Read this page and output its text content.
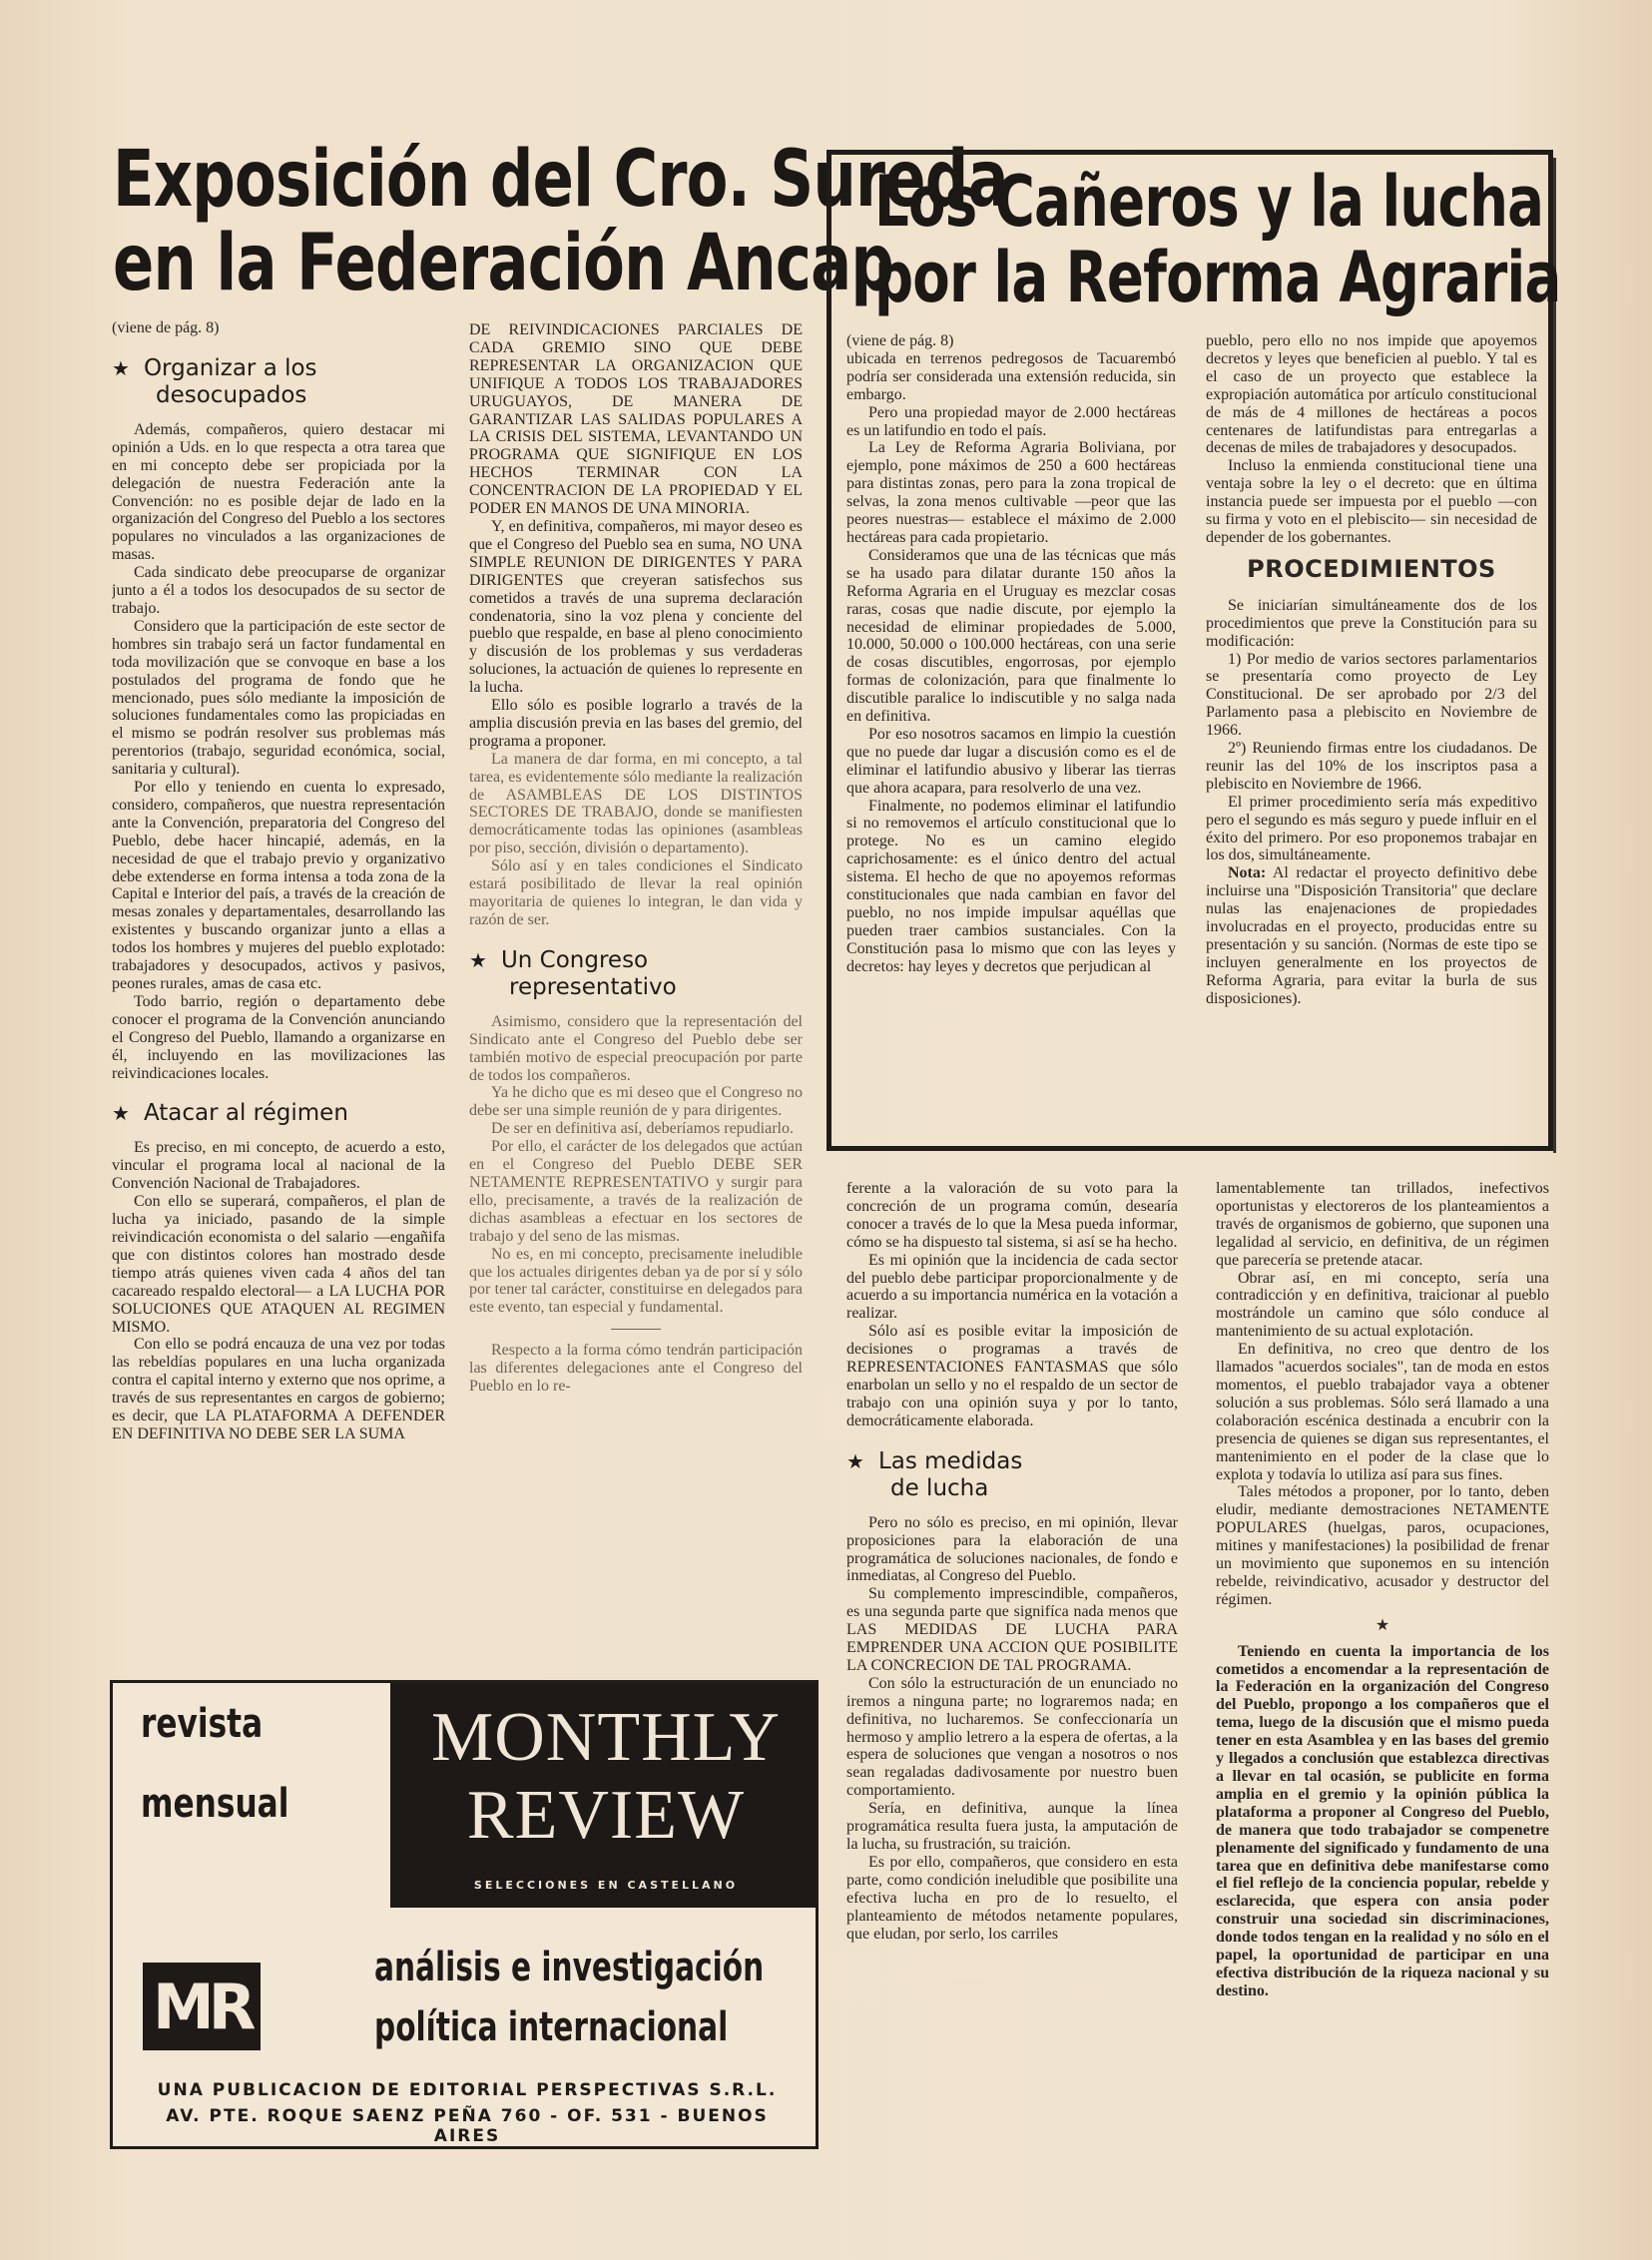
Exposición del Cro. Sureda
en la Federación Ancap
Los Cañeros y la lucha
por la Reforma Agraria

(viene de pág. 8)

★ Organizar a los
desocupados

Además, compañeros, quiero destacar mi opinión a Uds. en lo que respecta a otra tarea que en mi concepto debe ser propiciada por la delegación de nuestra Federación ante la Convención: no es posible dejar de lado en la organización del Congreso del Pueblo a los sectores populares no vinculados a las organizaciones de masas.

Cada sindicato debe preocuparse de organizar junto a él a todos los desocupados de su sector de trabajo.

Considero que la participación de este sector de hombres sin trabajo será un factor fundamental en toda movilización que se convoque en base a los postulados del programa de fondo que he mencionado, pues sólo mediante la imposición de soluciones fundamentales como las propiciadas en el mismo se podrán resolver sus problemas más perentorios (trabajo, seguridad económica, social, sanitaria y cultural).

Por ello y teniendo en cuenta lo expresado, considero, compañeros, que nuestra representación ante la Convención, preparatoria del Congreso del Pueblo, debe hacer hincapié, además, en la necesidad de que el trabajo previo y organizativo debe extenderse en forma intensa a toda zona de la Capital e Interior del país, a través de la creación de mesas zonales y departamentales, desarrollando las existentes y buscando organizar junto a ellas a todos los hombres y mujeres del pueblo explotado: trabajadores y desocupados, activos y pasivos, peones rurales, amas de casa etc.

Todo barrio, región o departamento debe conocer el programa de la Convención anunciando el Congreso del Pueblo, llamando a organizarse en él, incluyendo en las movilizaciones las reivindicaciones locales.

★ Atacar al régimen

Es preciso, en mi concepto, de acuerdo a esto, vincular el programa local al nacional de la Convención Nacional de Trabajadores.

Con ello se superará, compañeros, el plan de lucha ya iniciado, pasando de la simple reivindicación economista o del salario —engañifa que con distintos colores han mostrado desde tiempo atrás quienes viven cada 4 años del tan cacareado respaldo electoral— a LA LUCHA POR SOLUCIONES QUE ATAQUEN AL REGIMEN MISMO.

Con ello se podrá encauza de una vez por todas las rebeldías populares en una lucha organizada contra el capital interno y externo que nos oprime, a través de sus representantes en cargos de gobierno; es decir, que LA PLATAFORMA A DEFENDER EN DEFINITIVA NO DEBE SER LA SUMA

DE REIVINDICACIONES PARCIALES DE CADA GREMIO SINO QUE DEBE REPRESENTAR LA ORGANIZACION QUE UNIFIQUE A TODOS LOS TRABAJADORES URUGUAYOS, DE MANERA DE GARANTIZAR LAS SALIDAS POPULARES A LA CRISIS DEL SISTEMA, LEVANTANDO UN PROGRAMA QUE SIGNIFIQUE EN LOS HECHOS TERMINAR CON LA CONCENTRACION DE LA PROPIEDAD Y EL PODER EN MANOS DE UNA MINORIA.

Y, en definitiva, compañeros, mi mayor deseo es que el Congreso del Pueblo sea en suma, NO UNA SIMPLE REUNION DE DIRIGENTES Y PARA DIRIGENTES que creyeran satisfechos sus cometidos a través de una suprema declaración condenatoria, sino la voz plena y conciente del pueblo que respalde, en base al pleno conocimiento y discusión de los problemas y sus verdaderas soluciones, la actuación de quienes lo represente en la lucha.

Ello sólo es posible lograrlo a través de la amplia discusión previa en las bases del gremio, del programa a proponer.

La manera de dar forma, en mi concepto, a tal tarea, es evidentemente sólo mediante la realización de ASAMBLEAS DE LOS DISTINTOS SECTORES DE TRABAJO, donde se manifiesten democráticamente todas las opiniones (asambleas por piso, sección, división o departamento).

Sólo así y en tales condiciones el Sindicato estará posibilitado de llevar la real opinión mayoritaria de quienes lo integran, le dan vida y razón de ser.

★ Un Congreso
representativo

Asimismo, considero que la representación del Sindicato ante el Congreso del Pueblo debe ser también motivo de especial preocupación por parte de todos los compañeros.

Ya he dicho que es mi deseo que el Congreso no debe ser una simple reunión de y para dirigentes.

De ser en definitiva así, deberíamos repudiarlo.

Por ello, el carácter de los delegados que actúan en el Congreso del Pueblo DEBE SER NETAMENTE REPRESENTATIVO y surgir para ello, precisamente, a través de la realización de dichas asambleas a efectuar en los sectores de trabajo y del seno de las mismas.

No es, en mi concepto, precisamente ineludible que los actuales dirigentes deban ya de por sí y sólo por tener tal carácter, constituirse en delegados para este evento, tan especial y fundamental.

Respecto a la forma cómo tendrán participación las diferentes delegaciones ante el Congreso del Pueblo en lo re-

ferente a la valoración de su voto para la concreción de un programa común, desearía conocer a través de lo que la Mesa pueda informar, cómo se ha dispuesto tal sistema, si así se ha hecho.

Es mi opinión que la incidencia de cada sector del pueblo debe participar proporcionalmente y de acuerdo a su importancia numérica en la votación a realizar.

Sólo así es posible evitar la imposición de decisiones o programas a través de REPRESENTACIONES FANTASMAS que sólo enarbolan un sello y no el respaldo de un sector de trabajo con una opinión suya y por lo tanto, democráticamente elaborada.

★ Las medidas
de lucha

Pero no sólo es preciso, en mi opinión, llevar proposiciones para la elaboración de una programática de soluciones nacionales, de fondo e inmediatas, al Congreso del Pueblo.

Su complemento imprescindible, compañeros, es una segunda parte que signifíca nada menos que LAS MEDIDAS DE LUCHA PARA EMPRENDER UNA ACCION QUE POSIBILITE LA CONCRECION DE TAL PROGRAMA.

Con sólo la estructuración de un enunciado no iremos a ninguna parte; no lograremos nada; en definitiva, no lucharemos. Se confeccionaría un hermoso y amplio letrero a la espera de ofertas, a la espera de soluciones que vengan a nosotros o nos sean regaladas dadivosamente por nuestro buen comportamiento.

Sería, en definitiva, aunque la línea programática resulta fuera justa, la amputación de la lucha, su frustración, su traición.

Es por ello, compañeros, que considero en esta parte, como condición ineludible que posibilite una efectiva lucha en pro de lo resuelto, el planteamiento de métodos netamente populares, que eludan, por serlo, los carriles

lamentablemente tan trillados, inefectivos oportunistas y electoreros de los planteamientos a través de organismos de gobierno, que suponen una legalidad al servicio, en definitiva, de un régimen que parecería se pretende atacar.

Obrar así, en mi concepto, sería una contradicción y en definitiva, traicionar al pueblo mostrándole un camino que sólo conduce al mantenimiento de su actual explotación.

En definitiva, no creo que dentro de los llamados "acuerdos sociales", tan de moda en estos momentos, el pueblo trabajador vaya a obtener solución a sus problemas. Sólo será llamado a una colaboración escénica destinada a encubrir con la presencia de quienes se digan sus representantes, el mantenimiento en el poder de la clase que lo explota y todavía lo utiliza así para sus fines.

Tales métodos a proponer, por lo tanto, deben eludir, mediante demostraciones NETAMENTE POPULARES (huelgas, paros, ocupaciones, mitines y manifestaciones) la posibilidad de frenar un movimiento que suponemos en su intención rebelde, reivindicativo, acusador y destructor del régimen.

★

Teniendo en cuenta la importancia de los cometidos a encomendar a la representación de la Federación en la organización del Congreso del Pueblo, propongo a los compañeros que el tema, luego de la discusión que el mismo pueda tener en esta Asamblea y en las bases del gremio y llegados a conclusión que establezca directivas a llevar en tal ocasión, se publicite en forma amplia en el gremio y la opinión pública la plataforma a proponer al Congreso del Pueblo, de manera que todo trabajador se compenetre plenamente del significado y fundamento de una tarea que en definitiva debe manifestarse como el fiel reflejo de la conciencia popular, rebelde y esclarecida, que espera con ansia poder construir una sociedad sin discriminaciones, donde todos tengan en la realidad y no sólo en el papel, la oportunidad de participar en una efectiva distribución de la riqueza nacional y su destino.

(viene de pág. 8)

ubicada en terrenos pedregosos de Tacuarembó podría ser considerada una extensión reducida, sin embargo.

Pero una propiedad mayor de 2.000 hectáreas es un latifundio en todo el país.

La Ley de Reforma Agraria Boliviana, por ejemplo, pone máximos de 250 a 600 hectáreas para distintas zonas, pero para la zona tropical de selvas, la zona menos cultivable —peor que las peores nuestras— establece el máximo de 2.000 hectáreas para cada propietario.

Consideramos que una de las técnicas que más se ha usado para dilatar durante 150 años la Reforma Agraria en el Uruguay es mezclar cosas raras, cosas que nadie discute, por ejemplo la necesidad de eliminar propiedades de 5.000, 10.000, 50.000 o 100.000 hectáreas, con una serie de cosas discutibles, engorrosas, por ejemplo formas de colonización, para que finalmente lo discutible paralice lo indiscutible y no salga nada en definitiva.

Por eso nosotros sacamos en limpio la cuestión que no puede dar lugar a discusión como es el de eliminar el latifundio abusivo y liberar las tierras que ahora acapara, para resolverlo de una vez.

Finalmente, no podemos eliminar el latifundio si no removemos el artículo constitucional que lo protege. No es un camino elegido caprichosamente: es el único dentro del actual sistema. El hecho de que no apoyemos reformas constitucionales que nada cambian en favor del pueblo, no nos impide impulsar aquéllas que pueden traer cambios sustanciales. Con la Constitución pasa lo mismo que con las leyes y decretos: hay leyes y decretos que perjudican al

pueblo, pero ello no nos impide que apoyemos decretos y leyes que beneficien al pueblo. Y tal es el caso de un proyecto que establece la expropiación automática por artículo constitucional de más de 4 millones de hectáreas a pocos centenares de latifundistas para entregarlas a decenas de miles de trabajadores y desocupados.

Incluso la enmienda constitucional tiene una ventaja sobre la ley o el decreto: que en última instancia puede ser impuesta por el pueblo —con su firma y voto en el plebiscito— sin necesidad de depender de los gobernantes.

PROCEDIMIENTOS

Se iniciarían simultáneamente dos de los procedimientos que preve la Constitución para su modificación:

1) Por medio de varios sectores parlamentarios se presentaría como proyecto de Ley Constitucional. De ser aprobado por 2/3 del Parlamento pasa a plebiscito en Noviembre de 1966.

2º) Reuniendo firmas entre los ciudadanos. De reunir las del 10% de los inscriptos pasa a plebiscito en Noviembre de 1966.

El primer procedimiento sería más expeditivo pero el segundo es más seguro y puede influir en el éxito del primero. Por eso proponemos trabajar en los dos, simultáneamente.

Nota: Al redactar el proyecto definitivo debe incluirse una "Disposición Transitoria" que declare nulas las enajenaciones de propiedades involucradas en el proyecto, producidas entre su presentación y su sanción. (Normas de este tipo se incluyen generalmente en los proyectos de Reforma Agraria, para evitar la burla de sus disposiciones).

revista
mensual
MONTHLY
REVIEW
SELECCIONES EN CASTELLANO
MR
análisis e investigación
política internacional
UNA PUBLICACION DE EDITORIAL PERSPECTIVAS S.R.L.
AV. PTE. ROQUE SAENZ PEÑA 760 - OF. 531 - BUENOS AIRES
